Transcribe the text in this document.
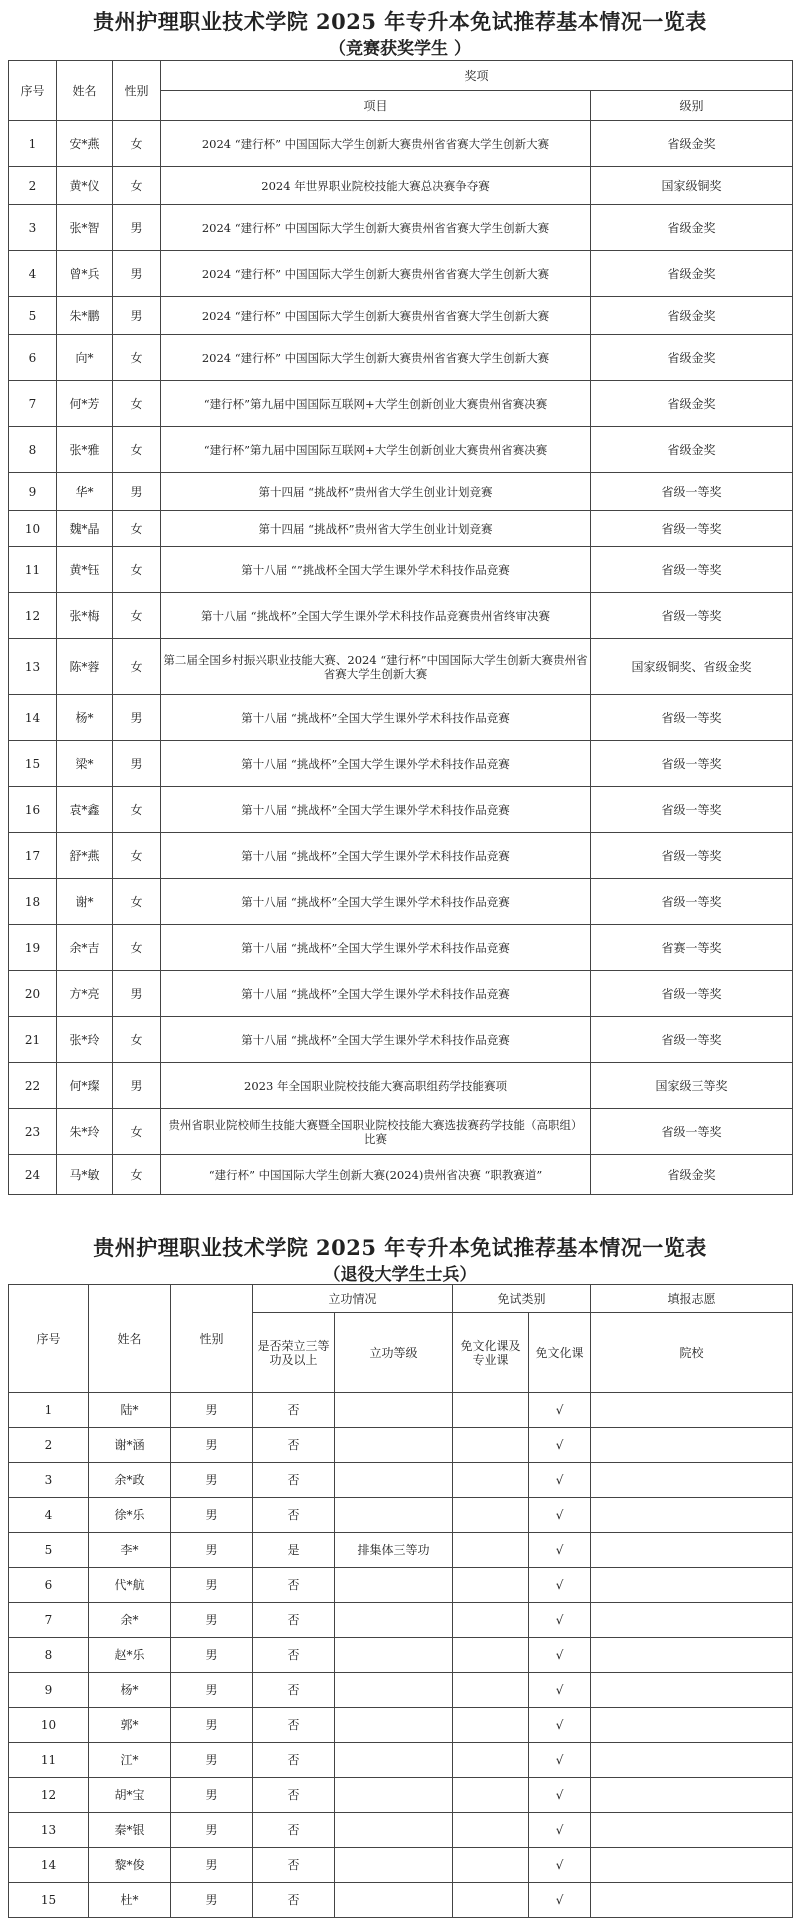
贵州护理职业技术学院 2025 年专升本免试推荐基本情况一览表
（竞赛获奖学生 ）
序号	姓名	性别	奖项	
			项目	级别
1	安*燕	女	2024 “建行杯” 中国国际大学生创新大赛贵州省省赛大学生创新大赛	省级金奖
2	黄*仪	女	2024 年世界职业院校技能大赛总决赛争夺赛	国家级铜奖
3	张*智	男	2024 “建行杯” 中国国际大学生创新大赛贵州省省赛大学生创新大赛	省级金奖
4	曾*兵	男	2024 “建行杯” 中国国际大学生创新大赛贵州省省赛大学生创新大赛	省级金奖
5	朱*鹏	男	2024 “建行杯” 中国国际大学生创新大赛贵州省省赛大学生创新大赛	省级金奖
6	向*	女	2024 “建行杯” 中国国际大学生创新大赛贵州省省赛大学生创新大赛	省级金奖
7	何*芳	女	“建行杯”第九届中国国际互联网+大学生创新创业大赛贵州省赛决赛	省级金奖
8	张*雅	女	“建行杯”第九届中国国际互联网+大学生创新创业大赛贵州省赛决赛	省级金奖
9	华*	男	第十四届 “挑战杯”贵州省大学生创业计划竞赛	省级一等奖
10	魏*晶	女	第十四届 “挑战杯”贵州省大学生创业计划竞赛	省级一等奖
11	黄*钰	女	第十八届 “”挑战杯全国大学生课外学术科技作品竞赛	省级一等奖
12	张*梅	女	第十八届 “挑战杯”全国大学生课外学术科技作品竞赛贵州省终审决赛	省级一等奖
13	陈*蓉	女	第二届全国乡村振兴职业技能大赛、2024 “建行杯”中国国际大学生创新大赛贵州省省赛大学生创新大赛	国家级铜奖、省级金奖
14	杨*	男	第十八届 “挑战杯”全国大学生课外学术科技作品竞赛	省级一等奖
15	梁*	男	第十八届 “挑战杯”全国大学生课外学术科技作品竞赛	省级一等奖
16	袁*鑫	女	第十八届 “挑战杯”全国大学生课外学术科技作品竞赛	省级一等奖
17	舒*燕	女	第十八届 “挑战杯”全国大学生课外学术科技作品竞赛	省级一等奖
18	谢*	女	第十八届 “挑战杯”全国大学生课外学术科技作品竞赛	省级一等奖
19	余*吉	女	第十八届 “挑战杯”全国大学生课外学术科技作品竞赛	省赛一等奖
20	方*亮	男	第十八届 “挑战杯”全国大学生课外学术科技作品竞赛	省级一等奖
21	张*玲	女	第十八届 “挑战杯”全国大学生课外学术科技作品竞赛	省级一等奖
22	何*璨	男	2023 年全国职业院校技能大赛高职组药学技能赛项	国家级三等奖
23	朱*玲	女	贵州省职业院校师生技能大赛暨全国职业院校技能大赛选拔赛药学技能（高职组）比赛	省级一等奖
24	马*敏	女	“建行杯” 中国国际大学生创新大赛(2024)贵州省决赛 “职教赛道”	省级金奖
贵州护理职业技术学院 2025 年专升本免试推荐基本情况一览表
（退役大学生士兵）
序号	姓名	性别	立功情况		免试类别		填报志愿
			是否荣立三等功及以上	立功等级	免文化课及专业课	免文化课	院校
1	陆*	男	否			√	
2	谢*涵	男	否			√	
3	余*政	男	否			√	
4	徐*乐	男	否			√	
5	李*	男	是	排集体三等功		√	
6	代*航	男	否			√	
7	余*	男	否			√	
8	赵*乐	男	否			√	
9	杨*	男	否			√	
10	郭*	男	否			√	
11	江*	男	否			√	
12	胡*宝	男	否			√	
13	秦*银	男	否			√	
14	黎*俊	男	否			√	
15	杜*	男	否			√	
